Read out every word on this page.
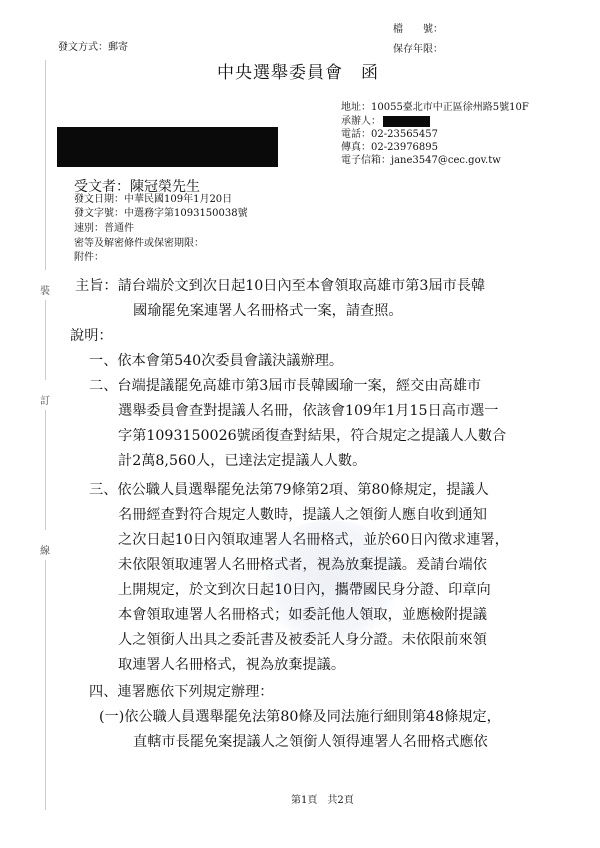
裝
訂
線
檔　　號：
保存年限：
發文方式：郵寄
中央選舉委員會　函
地址：10055臺北市中正區徐州路5號10F
承辦人：
電話：02-23565457
傳真：02-23976895
電子信箱：jane3547@cec.gov.tw
受文者：陳冠榮先生
發文日期：中華民國109年1月20日
發文字號：中選務字第1093150038號
速別：普通件
密等及解密條件或保密期限：
附件：
主旨：請台端於文到次日起10日內至本會領取高雄市第3屆市長韓
國瑜罷免案連署人名冊格式一案，請查照。
說明：
一、依本會第540次委員會議決議辦理。
二、台端提議罷免高雄市第3屆市長韓國瑜一案，經交由高雄市
選舉委員會查對提議人名冊，依該會109年1月15日高市選一
字第1093150026號函復查對結果，符合規定之提議人人數合
計2萬8,560人，已達法定提議人人數。
三、依公職人員選舉罷免法第79條第2項、第80條規定，提議人
名冊經查對符合規定人數時，提議人之領銜人應自收到通知
之次日起10日內領取連署人名冊格式，並於60日內徵求連署，
未依限領取連署人名冊格式者，視為放棄提議。爰請台端依
上開規定，於文到次日起10日內，攜帶國民身分證、印章向
本會領取連署人名冊格式；如委託他人領取，並應檢附提議
人之領銜人出具之委託書及被委託人身分證。未依限前來領
取連署人名冊格式，視為放棄提議。
四、連署應依下列規定辦理：
(一)依公職人員選舉罷免法第80條及同法施行細則第48條規定，
直轄市長罷免案提議人之領銜人領得連署人名冊格式應依
第1頁　共2頁
